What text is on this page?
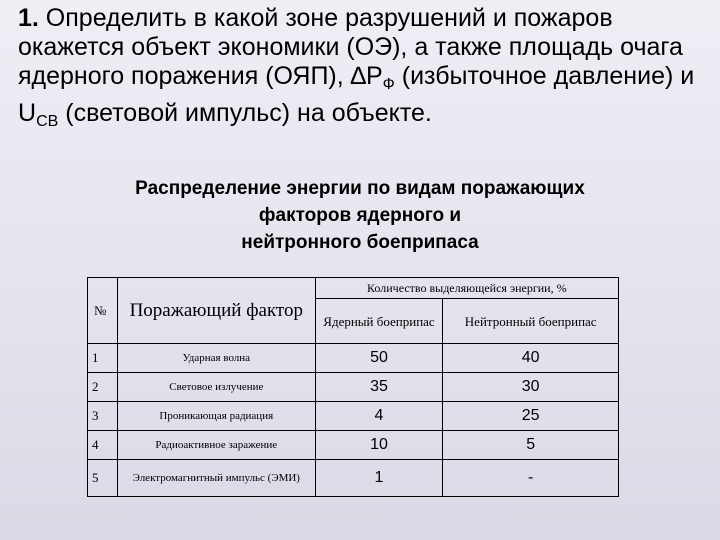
1. Определить в какой зоне разрушений и пожаров окажется объект экономики (ОЭ), а также площадь очага ядерного поражения (ОЯП), $\Delta Р_Ф$ (избыточное давление) и $U_{СВ}$ (световой импульс) на объекте.
Распределение энергии по видам поражающих
факторов ядерного и
нейтронного боеприпаса
№	Поражающий фактор	Количество выделяющейся энергии, %	
		Ядерный боеприпас	Нейтронный боеприпас
1	Ударная волна	50	40
2	Световое излучение	35	30
3	Проникающая радиация	4	25
4	Радиоактивное заражение	10	5
5	Электромагнитный импульс (ЭМИ)	1	-
